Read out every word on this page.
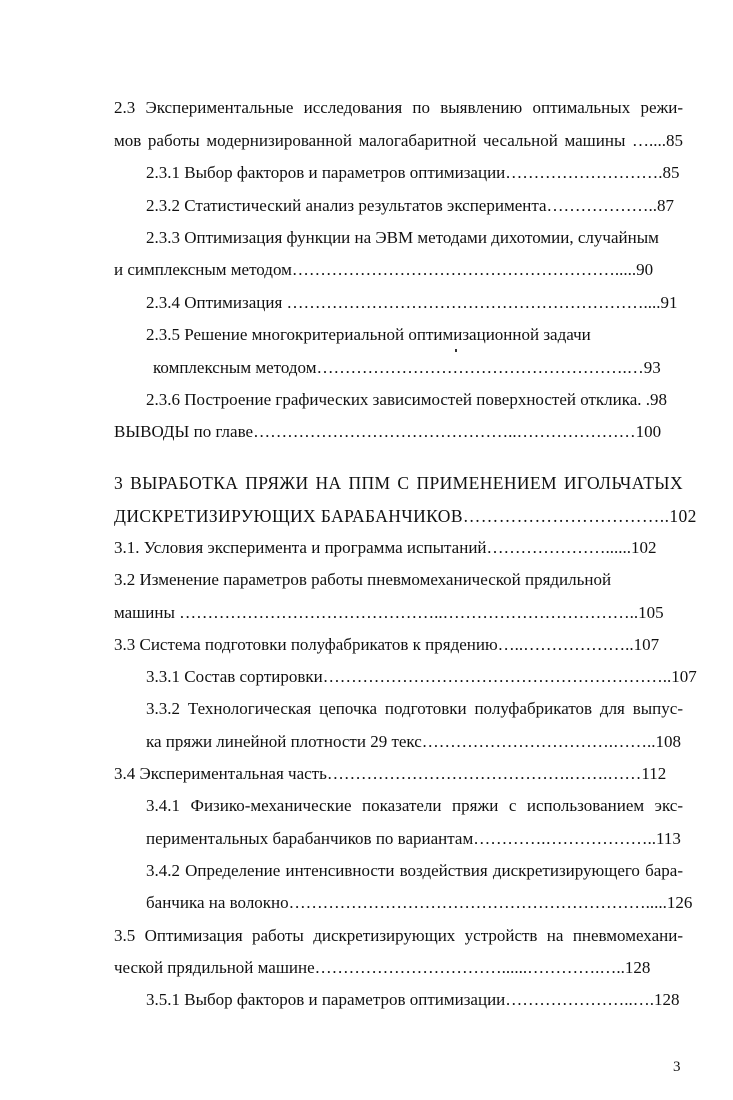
2.3 Экспериментальные исследования по выявлению оптимальных режи-
мов работы модернизированной малогабаритной чесальной машины …....85
2.3.1 Выбор факторов и параметров оптимизации……………………….85
2.3.2 Статистический анализ результатов эксперимента………………..87
2.3.3 Оптимизация функции на ЭВМ методами дихотомии, случайным
и симплексным методом………………………………………………….....90
2.3.4 Оптимизация ………………………………………………………....91
2.3.5 Решение многокритериальной оптимизационной задачи
комплексным методом……………………………………………….…93
2.3.6 Построение графических зависимостей поверхностей отклика. .98
ВЫВОДЫ по главе………………………………………..…………………100
3 ВЫРАБОТКА ПРЯЖИ НА ППМ С ПРИМЕНЕНИЕМ ИГОЛЬЧАТЫХ
ДИСКРЕТИЗИРУЮЩИХ БАРАБАНЧИКОВ……………………………..102
3.1. Условия эксперимента и программа испытаний…………………......102
3.2 Изменение параметров работы пневмомеханической прядильной
машины ………………………………………..……………………………..105
3.3 Система подготовки полуфабрикатов к прядению…..………………..107
3.3.1 Состав сортировки……………………………………………………..107
3.3.2 Технологическая цепочка подготовки полуфабрикатов для выпус-
ка пряжи линейной плотности 29 текс…………………………….……..108
3.4 Экспериментальная часть…………………………………….…….……112
3.4.1 Физико-механические показатели пряжи с использованием экс-
периментальных барабанчиков по вариантам………….………………..113
3.4.2 Определение интенсивности воздействия дискретизирующего бара-
банчика на волокно……………………………………………………….....126
3.5 Оптимизация работы дискретизирующих устройств на пневмомехани-
ческой прядильной машине……………………………......………….…..128
3.5.1 Выбор факторов и параметров оптимизации…………………..….128
3
